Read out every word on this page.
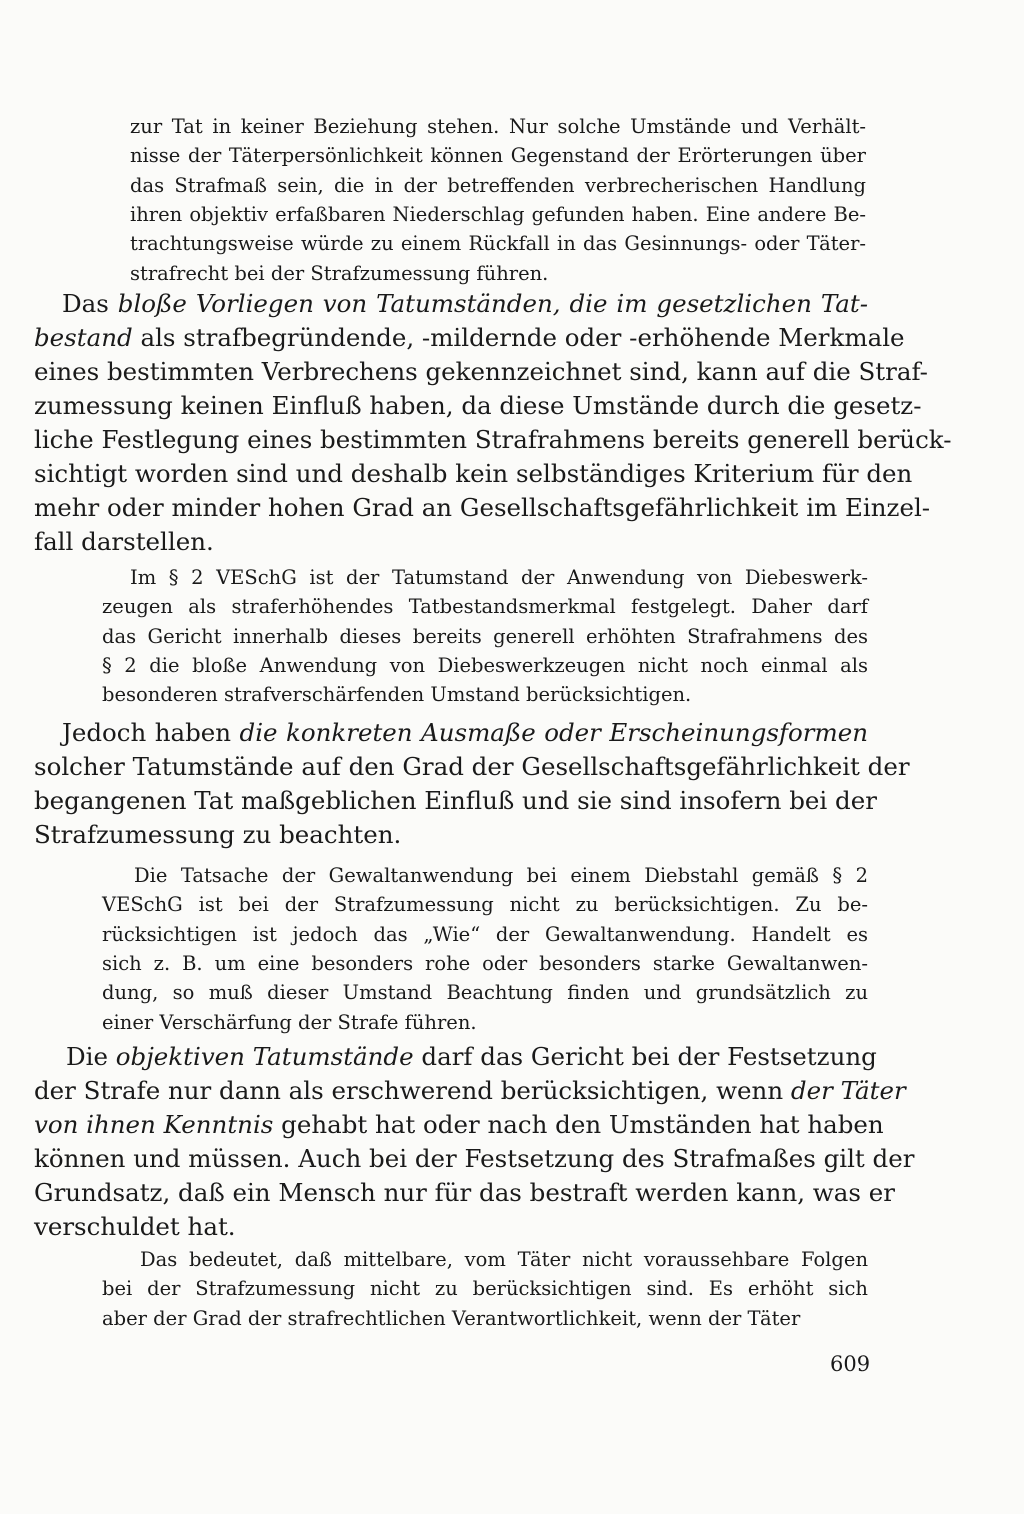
zur Tat in keiner Beziehung stehen. Nur solche Umstände und Verhält-
nisse der Täterpersönlichkeit können Gegenstand der Erörterungen über
das Strafmaß sein, die in der betreffenden verbrecherischen Handlung
ihren objektiv erfaßbaren Niederschlag gefunden haben. Eine andere Be-
trachtungsweise würde zu einem Rückfall in das Gesinnungs- oder Täter-
strafrecht bei der Strafzumessung führen.
Das bloße Vorliegen von Tatumständen, die im gesetzlichen Tat-
bestand als strafbegründende, -mildernde oder -erhöhende Merkmale
eines bestimmten Verbrechens gekennzeichnet sind, kann auf die Straf-
zumessung keinen Einfluß haben, da diese Umstände durch die gesetz-
liche Festlegung eines bestimmten Strafrahmens bereits generell berück-
sichtigt worden sind und deshalb kein selbständiges Kriterium für den
mehr oder minder hohen Grad an Gesellschaftsgefährlichkeit im Einzel-
fall darstellen.
Im § 2 VESchG ist der Tatumstand der Anwendung von Diebeswerk-
zeugen als straferhöhendes Tatbestandsmerkmal festgelegt. Daher darf
das Gericht innerhalb dieses bereits generell erhöhten Strafrahmens des
§ 2 die bloße Anwendung von Diebeswerkzeugen nicht noch einmal als
besonderen strafverschärfenden Umstand berücksichtigen.
Jedoch haben die konkreten Ausmaße oder Erscheinungsformen
solcher Tatumstände auf den Grad der Gesellschaftsgefährlichkeit der
begangenen Tat maßgeblichen Einfluß und sie sind insofern bei der
Strafzumessung zu beachten.
Die Tatsache der Gewaltanwendung bei einem Diebstahl gemäß § 2
VESchG ist bei der Strafzumessung nicht zu berücksichtigen. Zu be-
rücksichtigen ist jedoch das „Wie“ der Gewaltanwendung. Handelt es
sich z. B. um eine besonders rohe oder besonders starke Gewaltanwen-
dung, so muß dieser Umstand Beachtung finden und grundsätzlich zu
einer Verschärfung der Strafe führen.
Die objektiven Tatumstände darf das Gericht bei der Festsetzung
der Strafe nur dann als erschwerend berücksichtigen, wenn der Täter
von ihnen Kenntnis gehabt hat oder nach den Umständen hat haben
können und müssen. Auch bei der Festsetzung des Strafmaßes gilt der
Grundsatz, daß ein Mensch nur für das bestraft werden kann, was er
verschuldet hat.
Das bedeutet, daß mittelbare, vom Täter nicht voraussehbare Folgen
bei der Strafzumessung nicht zu berücksichtigen sind. Es erhöht sich
aber der Grad der strafrechtlichen Verantwortlichkeit, wenn der Täter
609
